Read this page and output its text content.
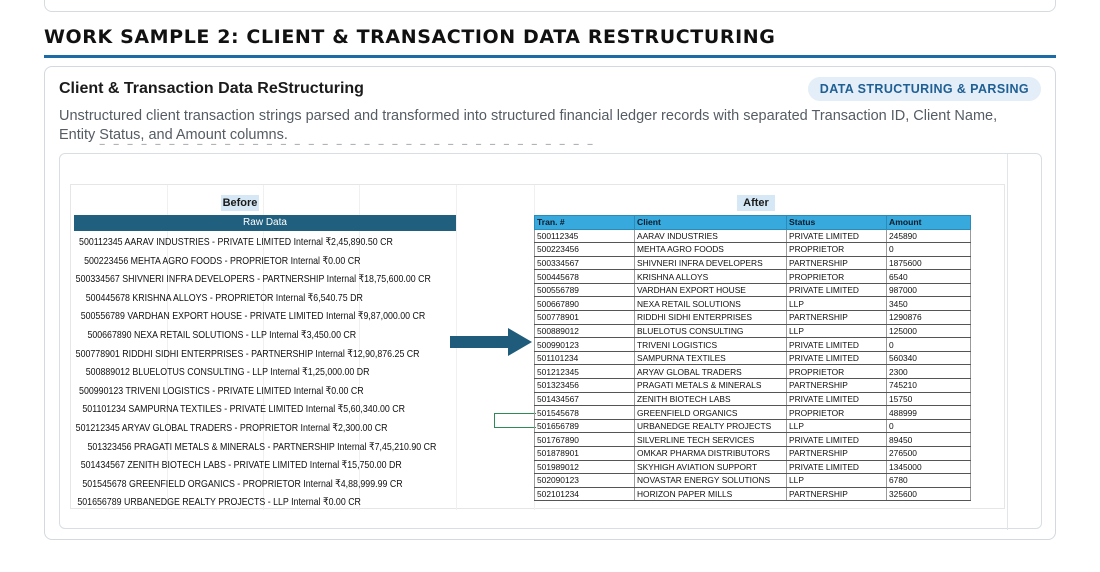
WORK SAMPLE 2: CLIENT & TRANSACTION DATA RESTRUCTURING
Client & Transaction Data ReStructuring	DATA STRUCTURING & PARSING
Unstructured client transaction strings parsed and transformed into structured financial ledger records with separated Transaction ID, Client Name, Entity Status, and Amount columns.
‾ ‾ ‾ ‾ ‾ ‾ ‾ ‾ ‾ ‾ ‾ ‾ ‾ ‾ ‾ ‾ ‾ ‾ ‾ ‾ ‾ ‾ ‾ ‾ ‾ ‾ ‾ ‾ ‾ ‾ ‾ ‾ ‾ ‾ ‾ ‾
Before	After
Raw Data
500112345 AARAV INDUSTRIES - PRIVATE LIMITED Internal ₹2,45,890.50 CR
500223456 MEHTA AGRO FOODS - PROPRIETOR Internal ₹0.00 CR
500334567 SHIVNERI INFRA DEVELOPERS - PARTNERSHIP Internal ₹18,75,600.00 CR
500445678 KRISHNA ALLOYS - PROPRIETOR Internal ₹6,540.75 DR
500556789 VARDHAN EXPORT HOUSE - PRIVATE LIMITED Internal ₹9,87,000.00 CR
500667890 NEXA RETAIL SOLUTIONS - LLP Internal ₹3,450.00 CR
500778901 RIDDHI SIDHI ENTERPRISES - PARTNERSHIP Internal ₹12,90,876.25 CR
500889012 BLUELOTUS CONSULTING - LLP Internal ₹1,25,000.00 DR
500990123 TRIVENI LOGISTICS - PRIVATE LIMITED Internal ₹0.00 CR
501101234 SAMPURNA TEXTILES - PRIVATE LIMITED Internal ₹5,60,340.00 CR
501212345 ARYAV GLOBAL TRADERS - PROPRIETOR Internal ₹2,300.00 CR
501323456 PRAGATI METALS & MINERALS - PARTNERSHIP Internal ₹7,45,210.90 CR
501434567 ZENITH BIOTECH LABS - PRIVATE LIMITED Internal ₹15,750.00 DR
501545678 GREENFIELD ORGANICS - PROPRIETOR Internal ₹4,88,999.99 CR
501656789 URBANEDGE REALTY PROJECTS - LLP Internal ₹0.00 CR
Tran. #	Client	Status	Amount
500112345	AARAV INDUSTRIES	PRIVATE LIMITED	245890
500223456	MEHTA AGRO FOODS	PROPRIETOR	0
500334567	SHIVNERI INFRA DEVELOPERS	PARTNERSHIP	1875600
500445678	KRISHNA ALLOYS	PROPRIETOR	6540
500556789	VARDHAN EXPORT HOUSE	PRIVATE LIMITED	987000
500667890	NEXA RETAIL SOLUTIONS	LLP	3450
500778901	RIDDHI SIDHI ENTERPRISES	PARTNERSHIP	1290876
500889012	BLUELOTUS CONSULTING	LLP	125000
500990123	TRIVENI LOGISTICS	PRIVATE LIMITED	0
501101234	SAMPURNA TEXTILES	PRIVATE LIMITED	560340
501212345	ARYAV GLOBAL TRADERS	PROPRIETOR	2300
501323456	PRAGATI METALS & MINERALS	PARTNERSHIP	745210
501434567	ZENITH BIOTECH LABS	PRIVATE LIMITED	15750
501545678	GREENFIELD ORGANICS	PROPRIETOR	488999
501656789	URBANEDGE REALTY PROJECTS	LLP	0
501767890	SILVERLINE TECH SERVICES	PRIVATE LIMITED	89450
501878901	OMKAR PHARMA DISTRIBUTORS	PARTNERSHIP	276500
501989012	SKYHIGH AVIATION SUPPORT	PRIVATE LIMITED	1345000
502090123	NOVASTAR ENERGY SOLUTIONS	LLP	6780
502101234	HORIZON PAPER MILLS	PARTNERSHIP	325600
